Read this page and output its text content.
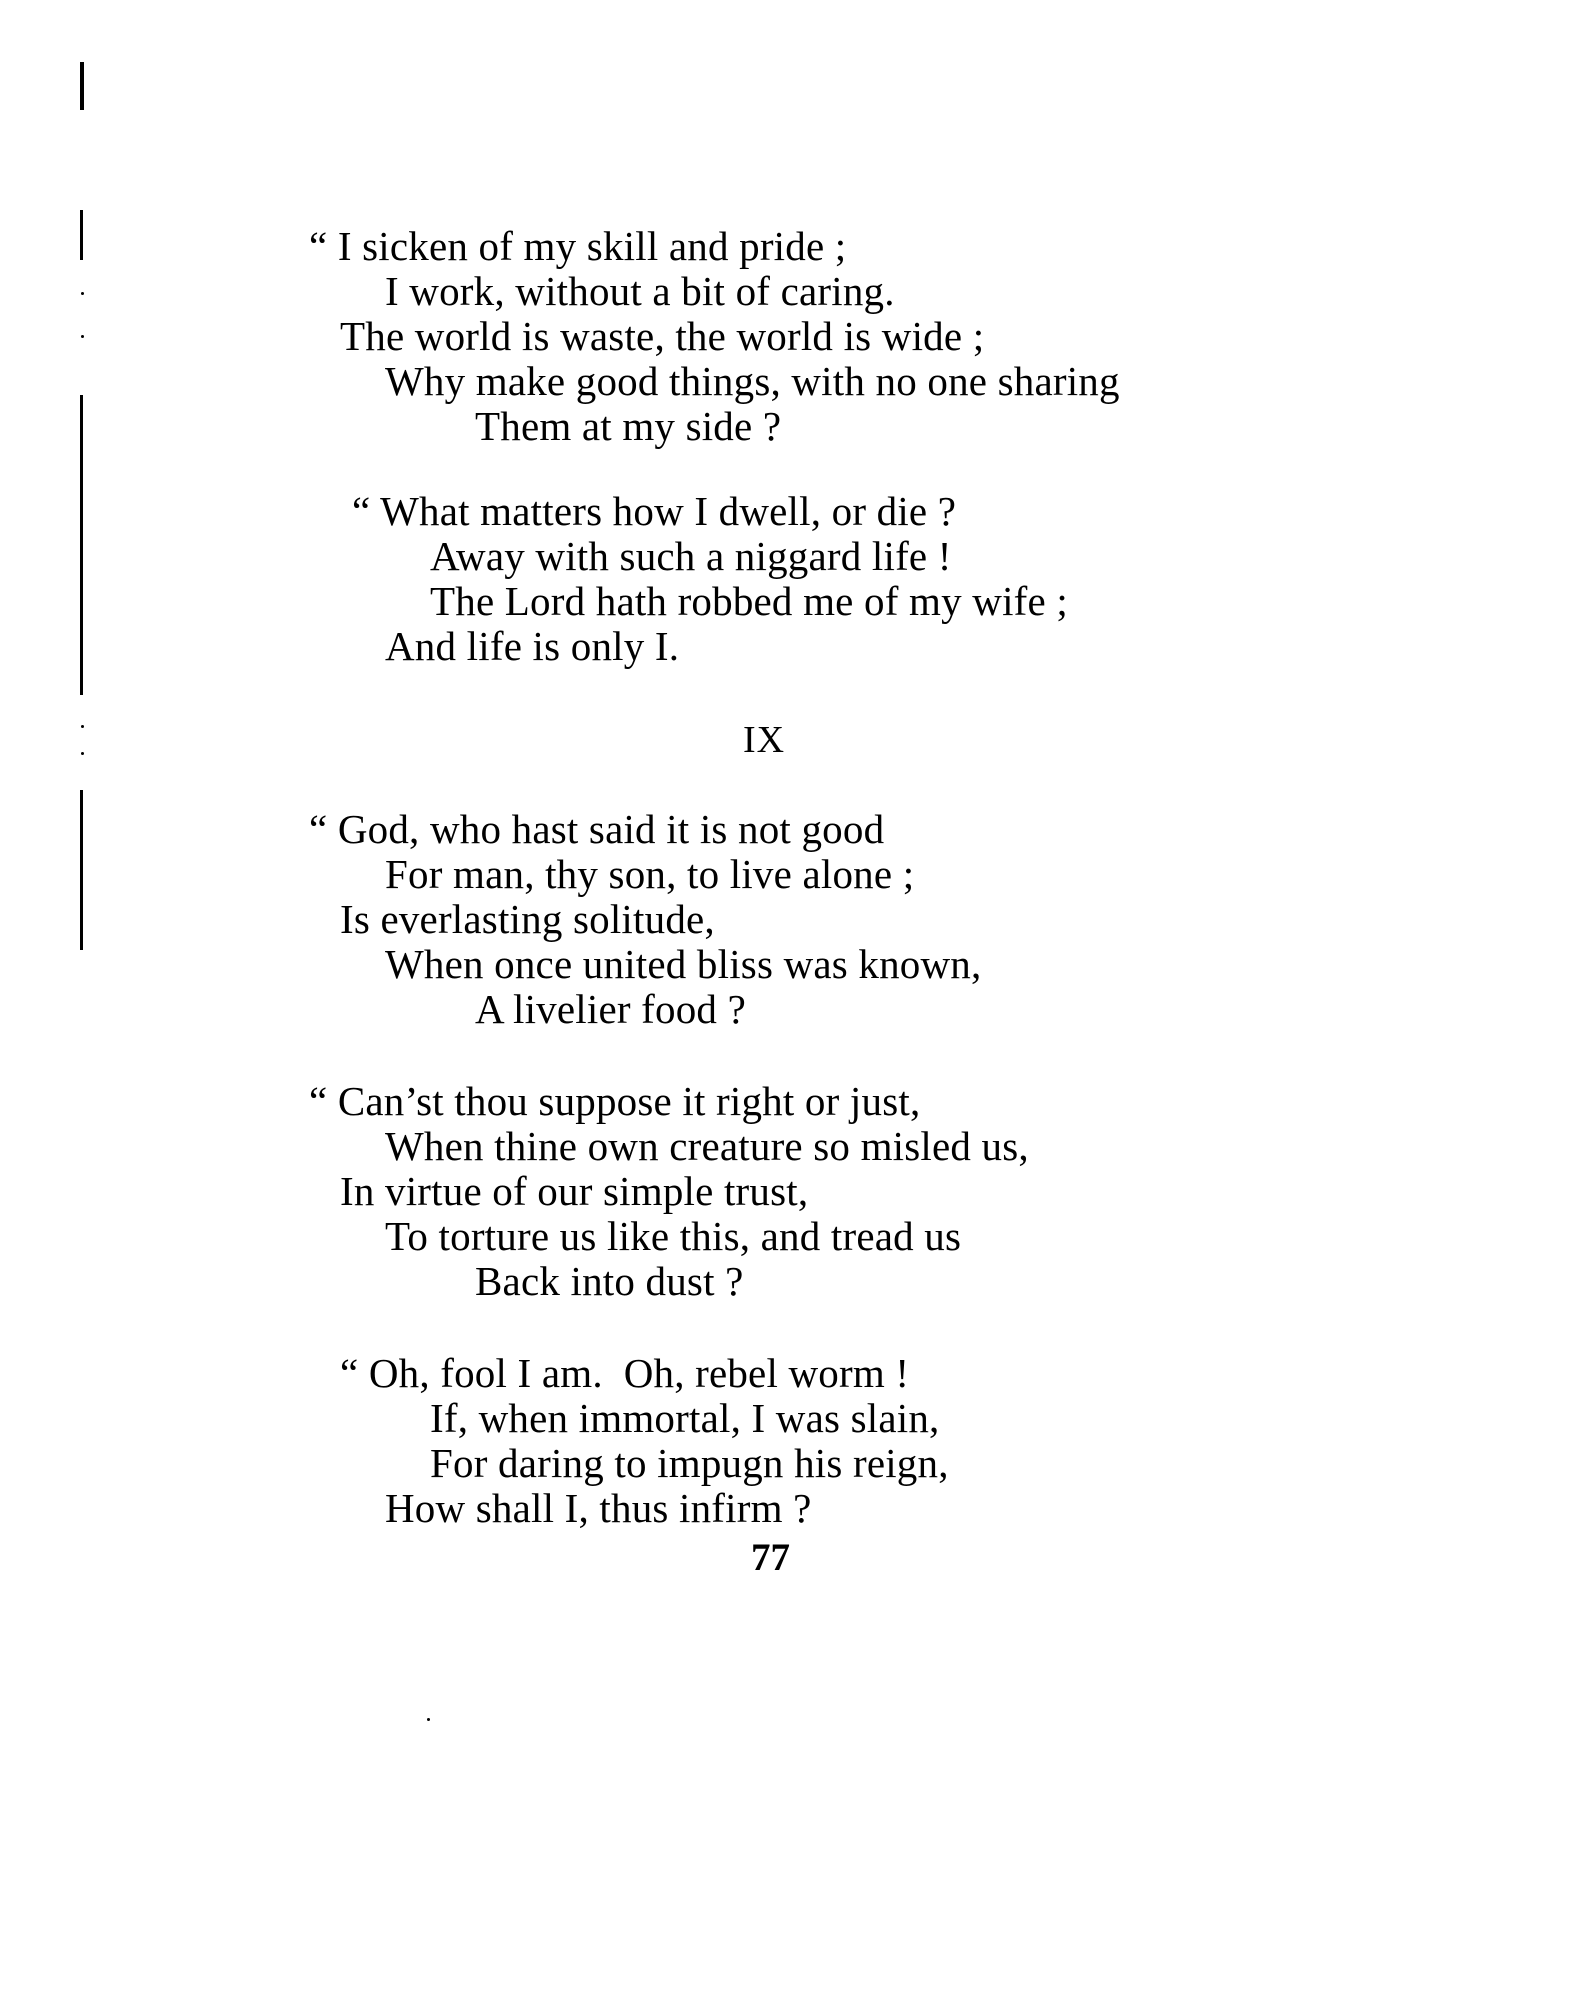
“ I sicken of my skill and pride ;
I work, without a bit of caring.
The world is waste, the world is wide ;
Why make good things, with no one sharing
Them at my side ?
“ What matters how I dwell, or die ?
Away with such a niggard life !
The Lord hath robbed me of my wife ;
And life is only I.
IX
“ God, who hast said it is not good
For man, thy son, to live alone ;
Is everlasting solitude,
When once united bliss was known,
A livelier food ?
“ Can’st thou suppose it right or just,
When thine own creature so misled us,
In virtue of our simple trust,
To torture us like this, and tread us
Back into dust ?
“ Oh, fool I am.  Oh, rebel worm !
If, when immortal, I was slain,
For daring to impugn his reign,
How shall I, thus infirm ?
77
